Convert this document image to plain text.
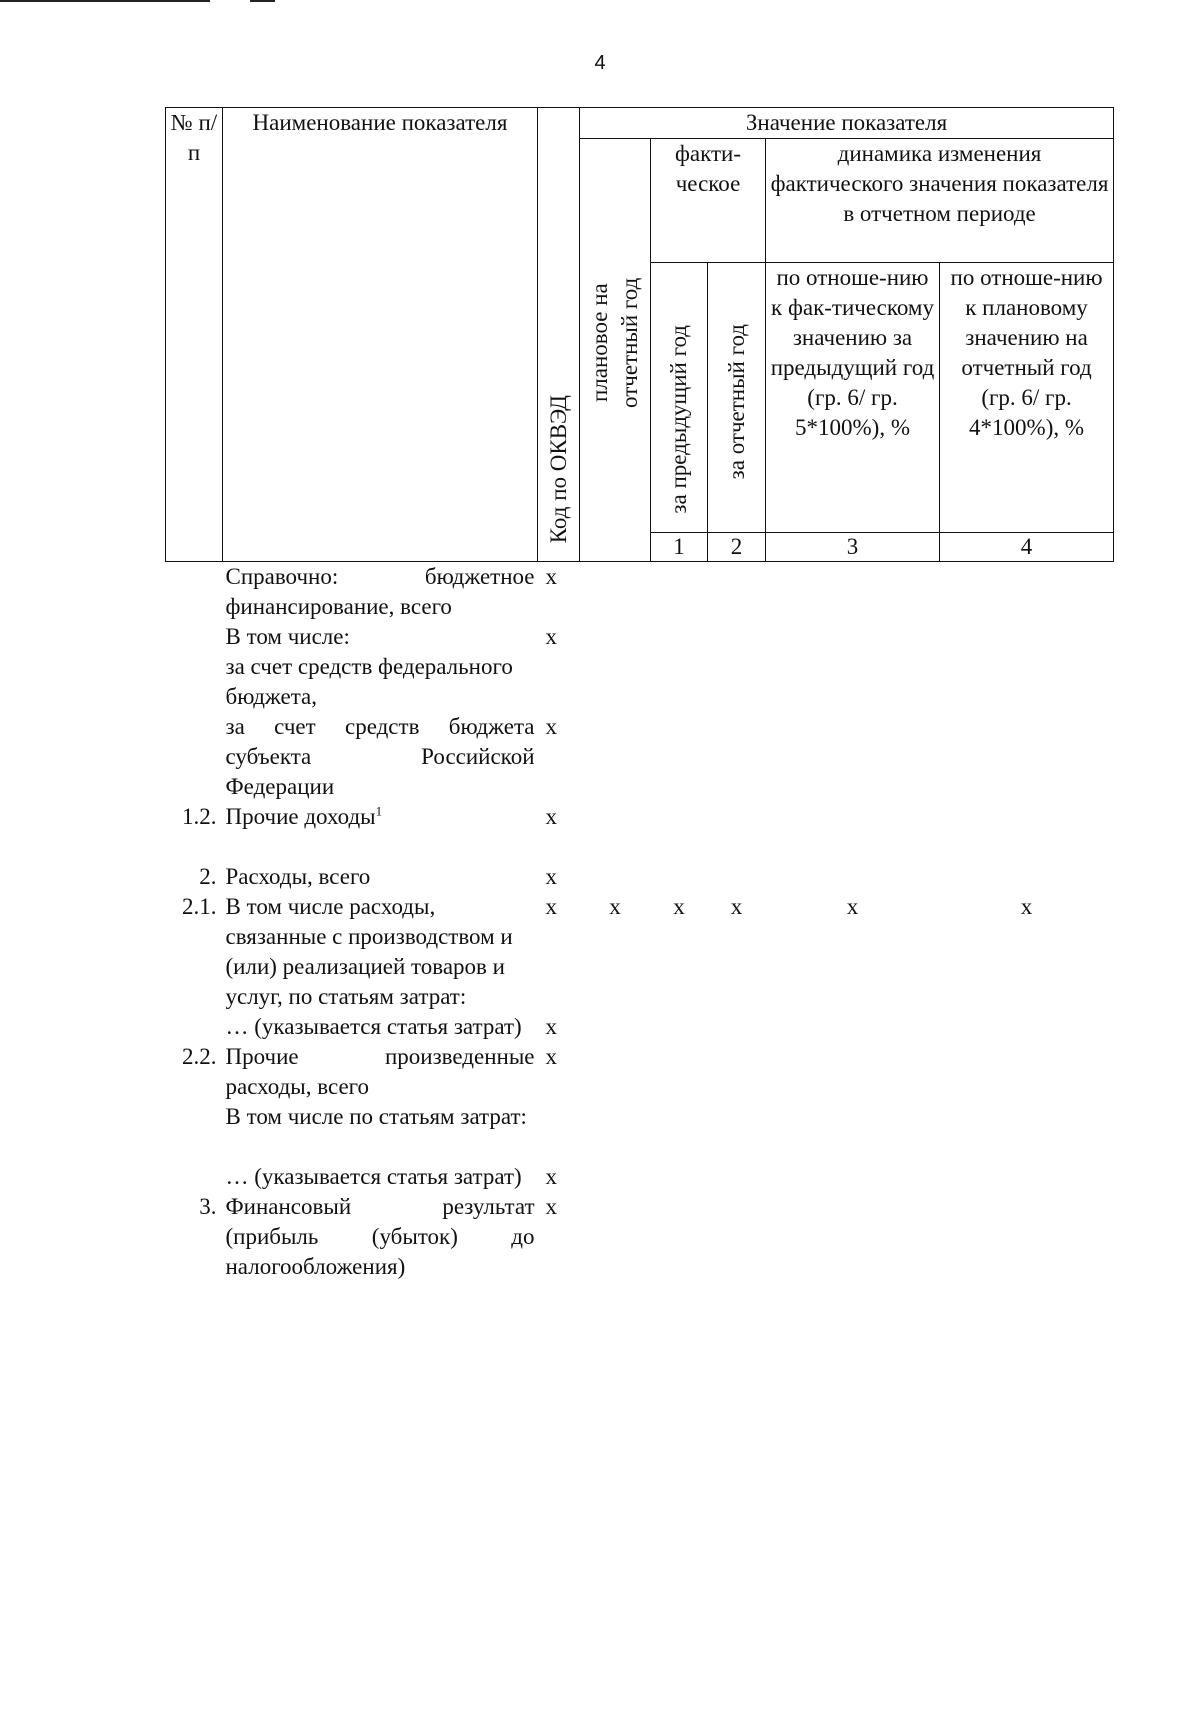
4
№ п/п	Наименование показателя	Код по ОКВЭД	Значение показателя					
			плановое на отчетный год	факти-ческое		динамика изменения фактического значения показателя в отчетном периоде		
				за предыдущий год	за отчетный год	по отноше-нию к фак-тическому значению за предыдущий год (гр. 6/ гр. 5*100%), %	по отноше-нию к плановому значению на отчетный год (гр. 6/ гр. 4*100%), %	
				1	2	3	4				
	Справочно: бюджетное финансирование, всего	x						
	В том числе:	x						
	за счет средств федерального бюджета,							
	за счет средств бюджета субъекта Российской Федерации	x						
1.2.	Прочие доходы$^1$	x						

2.	Расходы, всего	x						
2.1.	В том числе расходы, связанные с производством и (или) реализацией товаров и услуг, по статьям затрат:	x	x	x	x	x	x	
	… (указывается статья затрат)	x						
2.2.	Прочие произведенные расходы, всего	x						
	В том числе по статьям затрат:							

	… (указывается статья затрат)	x						
3.	Финансовый результат (прибыль (убыток) до налогообложения)	x						
